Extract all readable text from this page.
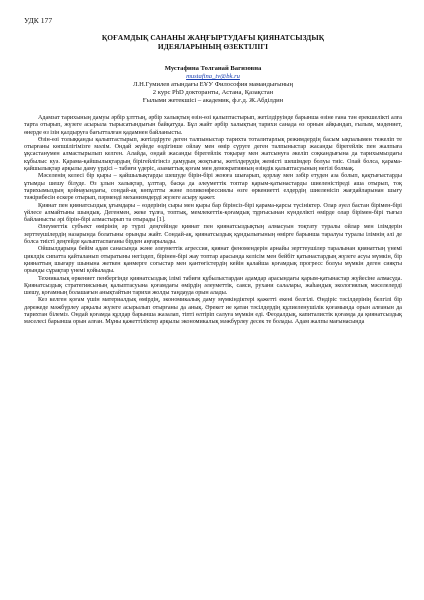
УДК 177
ҚОҒАМДЫҚ САНАНЫ ЖАҢҒЫРТУДАҒЫ ҚИЯНАТСЫЗДЫҚ
ИДЕЯЛАРЫНЫҢ ӨЗЕКТІЛІГІ
Мустафина Толганай Вагизовна
mustafina_tv@bk.ru
Л.Н.Гумилев атындағы ЕҰУ Философия мамандығының
2 курс PhD докторанты, Астана, Қазақстан
Ғылыми жетекшісі – академик, ф.ғ.д. Ж.Абділдин

Адамзат тарихының дамуы әрбір ұлттың, әрбір халықтың өзін-өзі қалыптастырып, жетілдіруінде барынша өзіне ғана тән ерекшелікті алға тарта отырып, жүзеге асырыла тырысатындығын байқатуда. Бұл жайт әрбір халықтың тарихи санада өз орнын айқындап, ғылым, мәдениет, өнерде өз ізін қалдыруға бағытталған қадамнен байланысты.

Өзін-өзі толыққанды қалыптастырып, жетілдіруге деген талпыныстар тарихта тоталитарлық режимдердің басым ықпалымен тежеліп те отырғаны көпшілігімізге мәлім. Ондай жүйеде өздігінше ойлау мен өмір сүруге деген талпыныстар жасанды бірегейлік пен жалпыға ұқсастанумен алмастырылып келген. Алайда, ондай жасанды бірегейлік тоқырау мен жатсынуға әкеліп соқкандығына да тарихымыздағы кұбылыс куә. Қарама-қайшылықтардың бірігейлігінсіз дамудың жоқтығы, жетілдерудің жемісті шешімдер болуы тиіс. Олай болса, қарама-қайшылықтар арқылы даму үрдісі – табиғи үдеріс, азаматтық қоғам мен демократияның өзіндік қалыптасуының негізі болмақ.

Мәселенің келесі бір қыры – қайшылықтарды шешуде бірін-бірі жоюға шығарып, қорлау мен зәбір етуден аза болып, қақтығыстарды ұтымды шешу білуде. Өз ұлын халықтар, ұлттар, басқа да әлеуметтік топтар қарым-қатынастарды шиеленістіреді аша отырып, тоқ тарихымыздың қойнауындағы, сондай-ақ көпұлтты және поликонфессиялы өзге өркениетті елдердің шиеленісіп жағдайларынан шығу тәжірибесін ескере отырып, пәрменді механизмдерді жүзеге асыру қажет.

Қиянат пен қиянатсыздық ұғымдары – өздерінің сыры мен қыры бар бірінсіз-бірі қарама-қарсы түсініктер. Олар әуел бастан бірімен-бірі үйлесе алмайтыны шындық. Дегенмен, жеке тұлға, топтық, мемлекеттік-қоғамдық тұрғысынан күнделікті өмірде олар бірімен-бірі тығыз байланысты әрі бірін-бірі алмастырып та отырады [1].

Әлеуметтік субъект өмірінің әр түрлі деңгейінде қиянат пен қиянатсыздықтың алмасуын тоқтату туралы ойлар мен ілімдерін зерттеушілердің назарында болатыны орынды жайт. Сондай-ақ, қиянатсыздық құндылығының өмірге барынша таралуы туралы ілімнің әлі де болса тиісті деңгейде қалыптаспағаны бірден аңғарылады.

Ойшылдарыңа бейім адам санасында және әлеуметтік агрессия, қиянат феномендерін арнайы зерттеушілер таралынан қиянаттың үнемі циклдік сипатта қайталанып отыратыны негіздеп, бірінен-бірі жау топтар арасында келісім мен бейбіт қатынастардың жүзеге асуы мүмкін, бір қиянаттың шығару шынына жеткен қанмерге согыстар мен қантөгістердің кейін қалайша қоғамдық прогресс болуы мүмкін деген сияқты орынды сұрақтар үнемі қойылады.

Техникалық өркениет пенбергінде қиянатсыздық ілімі табиғи құбылыстардан адамдар арасындағы қарым-қатынастар жүйесіне алмасуда. Қиянатсыздық стратегиясының қалыптасуына қоғамдағы өмірдің әлеуметтік, саяси, рухани салалары, жаһандық экологиялық мәселелерді шешу, қоғамның болашағын анықтайтын тарихи жолды таңдауда орын алады.

Кез келген қоғам үшін материалдық өмірдің, экономикалық даму мүмкіндіктері қажетті екені белгілі. Өндіріс тәсілдерінің белгілі бір дәрежеде мәжбүрлеу арқылы жүзеге асырылып отырғаны да анық. Әрекет ие қатан тәсілдердің құлиеленушілік қоғамында орын алғанын да тарихтан білеміз. Ондай қоғамда құлдар барынша жазалап, тіпті өлтіріп салуға мүмкін еді. Феодалдық, капиталистік қоғамда да қиянатсыздық мәселесі барынша орын алған. Мұны қажеттіліктер арқылы экономикалық мәжбүрлеу десек те болады. Адам жалпы мағынасында
